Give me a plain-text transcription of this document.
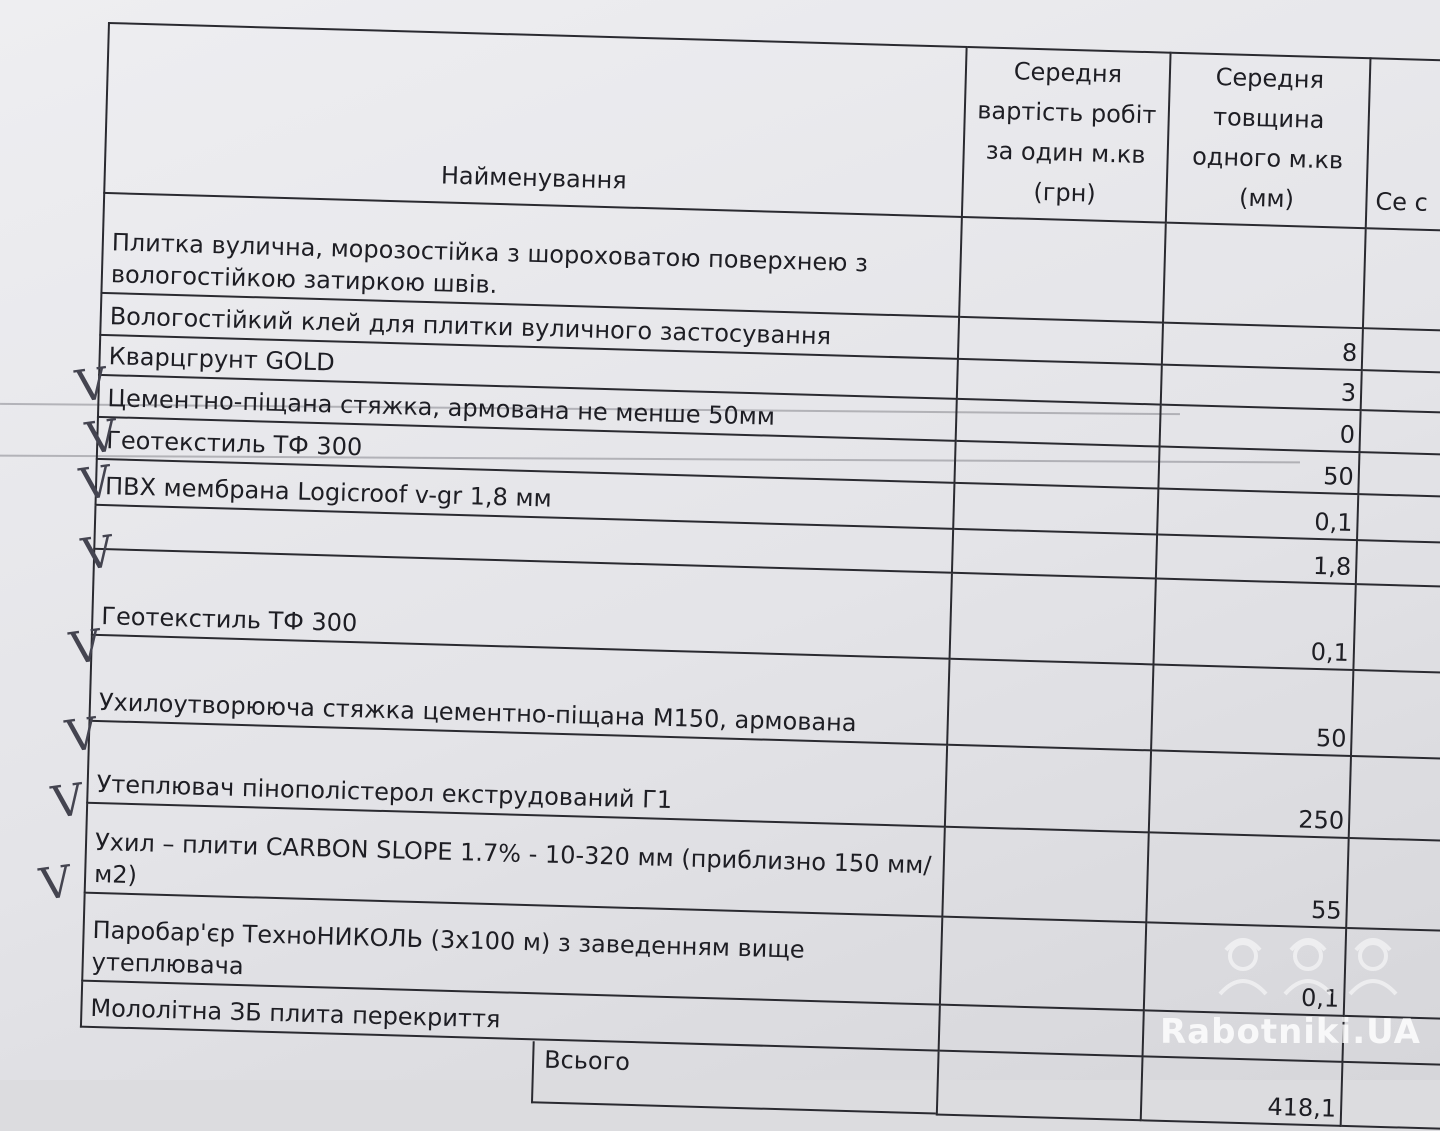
Найменування	Середня вартість робіт за один м.кв (грн)	Середня товщина одного м.кв (мм)	Се с
Плитка вулична, морозостійка з шороховатою поверхнею з вологостійкою затиркою швів.			
Вологостійкий клей для плитки вуличного застосування		8	
Кварцгрунт GOLD		3	
Цементно-піщана стяжка, армована не менше 50мм		0	
Геотекстиль ТФ 300		50	
ПВХ мембрана Logicroof v-gr 1,8 мм		0,1	
		1,8	
Геотекстиль ТФ 300		0,1	
Ухилоутворююча стяжка цементно-піщана М150, армована		50	
Утеплювач пінополістерол екструдований Г1		250	
Ухил – плити CARBON SLOPE 1.7% - 10-320 мм (приблизно 150 мм/м2)		55	
Паробар'єр ТехноНИКОЛЬ (3х100 м) з заведенням вище утеплювача		0,1	
Мололітна ЗБ плита перекриття			

Всього		418,1	
V
V
V
V
V
V
V
V
Rabotniki.UA
